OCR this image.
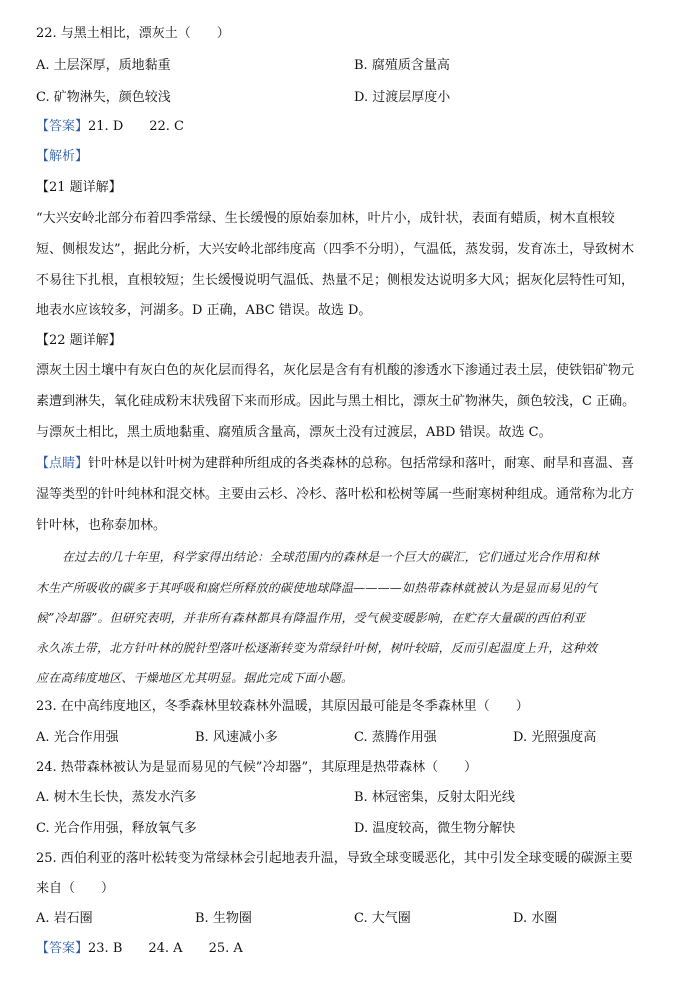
22. 与黑土相比，漂灰土（　　）
A. 土层深厚，质地黏重	B. 腐殖质含量高
C. 矿物淋失，颜色较浅	D. 过渡层厚度小
【答案】21. D　　22. C
【解析】
【21 题详解】
“大兴安岭北部分布着四季常绿、生长缓慢的原始泰加林，叶片小，成针状，表面有蜡质，树木直根较
短、侧根发达”，据此分析，大兴安岭北部纬度高（四季不分明），气温低，蒸发弱，发育冻土，导致树木
不易往下扎根，直根较短；生长缓慢说明气温低、热量不足；侧根发达说明多大风；据灰化层特性可知，
地表水应该较多，河湖多。D 正确，ABC 错误。故选 D。
【22 题详解】
漂灰土因土壤中有灰白色的灰化层而得名，灰化层是含有有机酸的渗透水下渗通过表土层，使铁铝矿物元
素遭到淋失，氧化硅成粉末状残留下来而形成。因此与黑土相比，漂灰土矿物淋失，颜色较浅，C 正确。
与漂灰土相比，黑土质地黏重、腐殖质含量高，漂灰土没有过渡层，ABD 错误。故选 C。
【点睛】针叶林是以针叶树为建群种所组成的各类森林的总称。包括常绿和落叶，耐寒、耐旱和喜温、喜
湿等类型的针叶纯林和混交林。主要由云杉、冷杉、落叶松和松树等属一些耐寒树种组成。通常称为北方
针叶林，也称泰加林。
在过去的几十年里，科学家得出结论：全球范围内的森林是一个巨大的碳汇，它们通过光合作用和林
木生产所吸收的碳多于其呼吸和腐烂所释放的碳使地球降温————如热带森林就被认为是显而易见的气
候”冷却器”。但研究表明，并非所有森林都具有降温作用，受气候变暖影响，在贮存大量碳的西伯利亚
永久冻土带，北方针叶林的脱针型落叶松逐渐转变为常绿针叶树，树叶较暗，反而引起温度上升，这种效
应在高纬度地区、干燥地区尤其明显。据此完成下面小题。
23. 在中高纬度地区，冬季森林里较森林外温暖，其原因最可能是冬季森林里（　　）
A. 光合作用强	B. 风速减小多	C. 蒸腾作用强	D. 光照强度高
24. 热带森林被认为是显而易见的气候”冷却器”，其原理是热带森林（　　）
A. 树木生长快，蒸发水汽多	B. 林冠密集，反射太阳光线
C. 光合作用强，释放氧气多	D. 温度较高，微生物分解快
25. 西伯利亚的落叶松转变为常绿林会引起地表升温，导致全球变暖恶化，其中引发全球变暖的碳源主要
来自（　　）
A. 岩石圈	B. 生物圈	C. 大气圈	D. 水圈
【答案】23. B　　24. A　　25. A
